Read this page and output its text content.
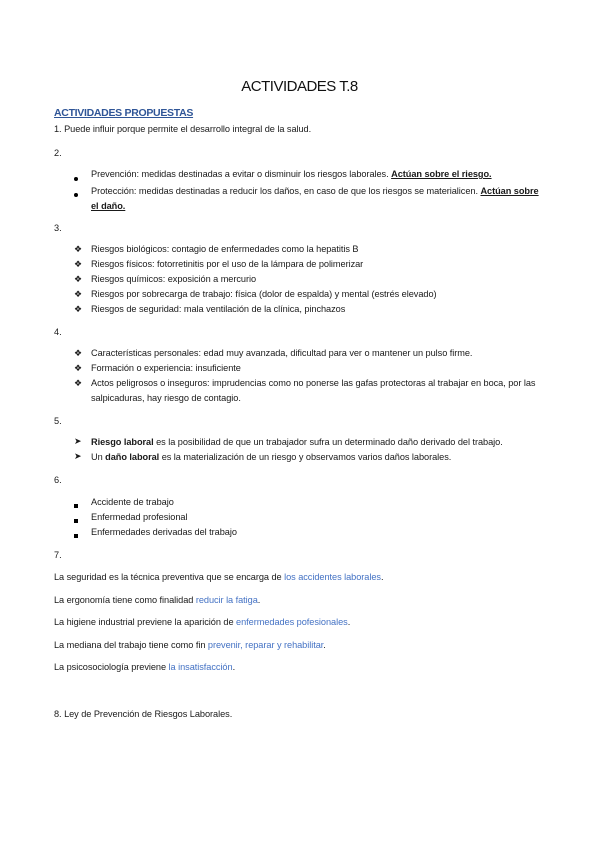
ACTIVIDADES T.8
ACTIVIDADES PROPUESTAS
1. Puede influir porque permite el desarrollo integral de la salud.
2.
Prevención: medidas destinadas a evitar o disminuir los riesgos laborales. Actúan sobre el riesgo.
Protección: medidas destinadas a reducir los daños, en caso de que los riesgos se materialicen. Actúan sobre el daño.
3.
❖ Riesgos biológicos: contagio de enfermedades como la hepatitis B
❖ Riesgos físicos: fotorretinitis por el uso de la lámpara de polimerizar
❖ Riesgos químicos: exposición a mercurio
❖ Riesgos por sobrecarga de trabajo: física (dolor de espalda) y mental (estrés elevado)
❖ Riesgos de seguridad: mala ventilación de la clínica, pinchazos
4.
❖ Características personales: edad muy avanzada, dificultad para ver o mantener un pulso firme.
❖ Formación o experiencia: insuficiente
❖ Actos peligrosos o inseguros: imprudencias como no ponerse las gafas protectoras al trabajar en boca, por las salpicaduras, hay riesgo de contagio.
5.
➤ Riesgo laboral es la posibilidad de que un trabajador sufra un determinado daño derivado del trabajo.
➤ Un daño laboral es la materialización de un riesgo y observamos varios daños laborales.
6.
Accidente de trabajo
Enfermedad profesional
Enfermedades derivadas del trabajo
7.
La seguridad es la técnica preventiva que se encarga de los accidentes laborales.
La ergonomía tiene como finalidad reducir la fatiga.
La higiene industrial previene la aparición de enfermedades pofesionales.
La mediana del trabajo tiene como fin prevenir, reparar y rehabilitar.
La psicosociología previene la insatisfacción.
8. Ley de Prevención de Riesgos Laborales.
